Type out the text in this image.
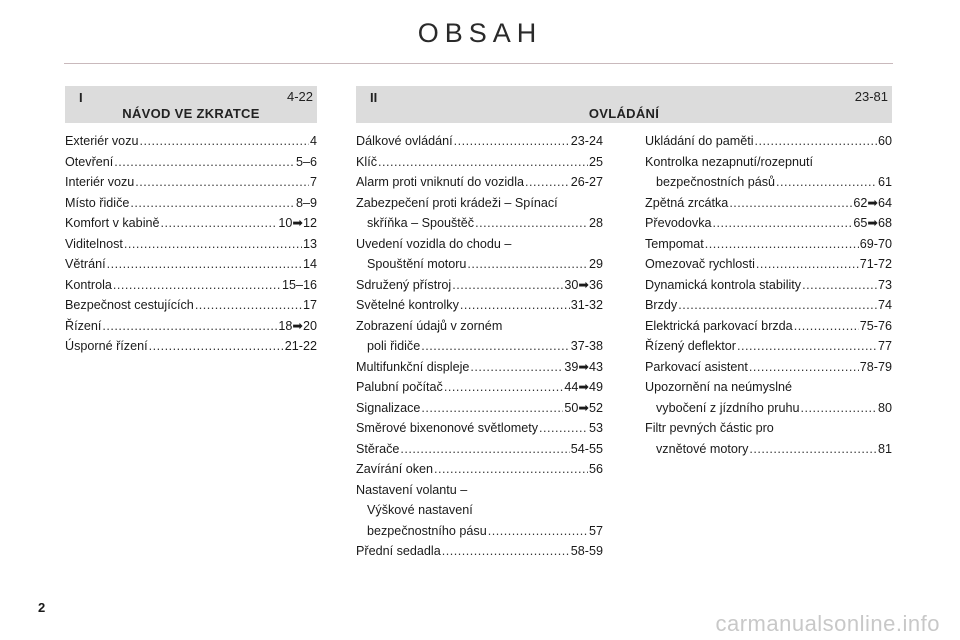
OBSAH
I	4-22
NÁVOD VE ZKRATCE
II	23-81
OVLÁDÁNÍ
Exteriér vozu .....	4
Otevření .....	5–6
Interiér vozu .....	7
Místo řidiče .....	8–9
Komfort v kabině .....	10➡12
Viditelnost .....	13
Větrání .....	14
Kontrola .....	15–16
Bezpečnost cestujících .....	17
Řízení .....	18➡20
Úsporné řízení .....	21-22
Dálkové ovládání .....	23-24
Klíč .....	25
Alarm proti vniknutí do vozidla .....	26-27
Zabezpečení proti krádeži – Spínací
skříňka – Spouštěč .....	28
Uvedení vozidla do chodu –
Spouštění motoru .....	29
Sdružený přístroj .....	30➡36
Světelné kontrolky .....	31-32
Zobrazení údajů v zorném
poli řidiče .....	37-38
Multifunkční displeje .....	39➡43
Palubní počítač .....	44➡49
Signalizace .....	50➡52
Směrové bixenonové světlomety .....	53
Stěrače .....	54-55
Zavírání oken .....	56
Nastavení volantu –
Výškové nastavení
bezpečnostního pásu .....	57
Přední sedadla .....	58-59
Ukládání do paměti .....	60
Kontrolka nezapnutí/rozepnutí
bezpečnostních pásů .....	61
Zpětná zrcátka .....	62➡64
Převodovka .....	65➡68
Tempomat .....	69-70
Omezovač rychlosti .....	71-72
Dynamická kontrola stability .....	73
Brzdy .....	74
Elektrická parkovací brzda .....	75-76
Řízený deflektor .....	77
Parkovací asistent .....	78-79
Upozornění na neúmyslné
vybočení z jízdního pruhu .....	80
Filtr pevných částic pro
vznětové motory .....	81
2
carmanualsonline.info
